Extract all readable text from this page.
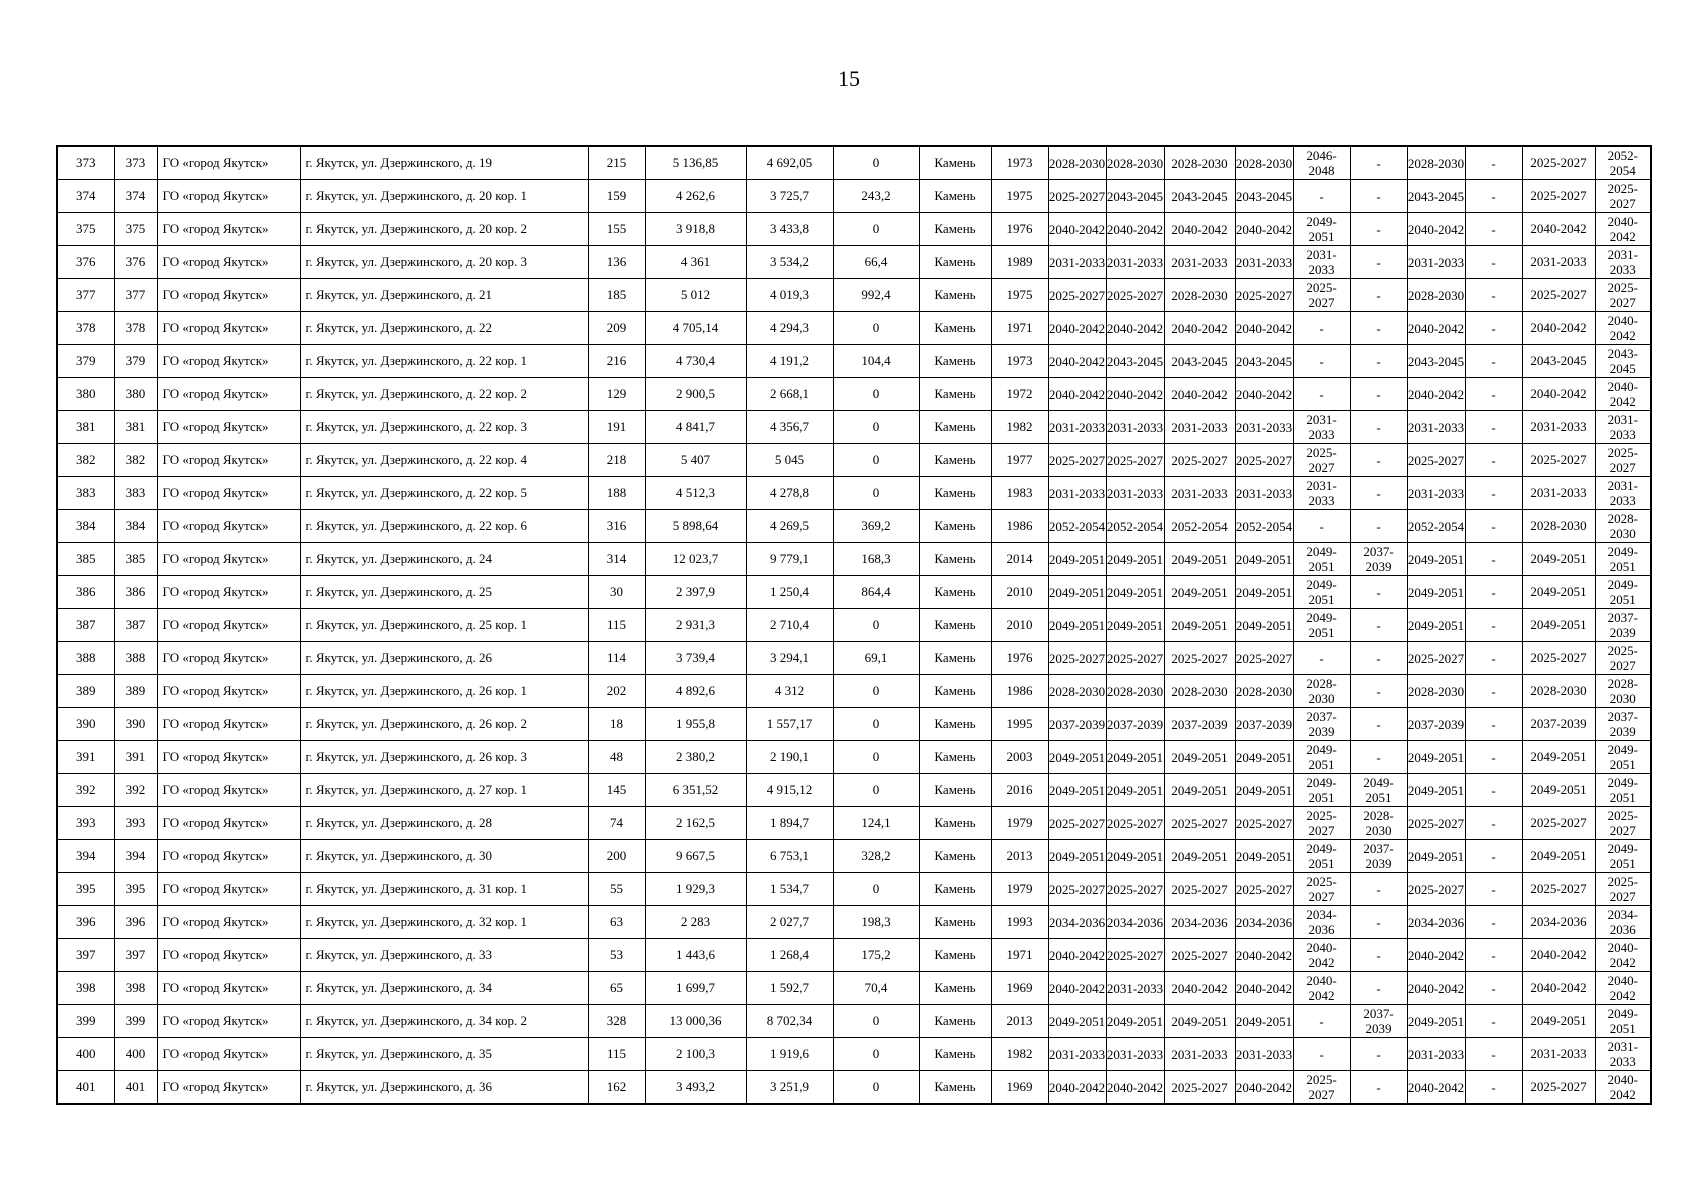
15
373	373	ГО «город Якутск»	г. Якутск, ул. Дзержинского, д. 19	215	5 136,85	4 692,05	0	Камень	1973	2028-2030	2028-2030	2028-2030	2028-2030	2046-2048	-	2028-2030	-	2025-2027	2052-2054
374	374	ГО «город Якутск»	г. Якутск, ул. Дзержинского, д. 20 кор. 1	159	4 262,6	3 725,7	243,2	Камень	1975	2025-2027	2043-2045	2043-2045	2043-2045	-	-	2043-2045	-	2025-2027	2025-2027
375	375	ГО «город Якутск»	г. Якутск, ул. Дзержинского, д. 20 кор. 2	155	3 918,8	3 433,8	0	Камень	1976	2040-2042	2040-2042	2040-2042	2040-2042	2049-2051	-	2040-2042	-	2040-2042	2040-2042
376	376	ГО «город Якутск»	г. Якутск, ул. Дзержинского, д. 20 кор. 3	136	4 361	3 534,2	66,4	Камень	1989	2031-2033	2031-2033	2031-2033	2031-2033	2031-2033	-	2031-2033	-	2031-2033	2031-2033
377	377	ГО «город Якутск»	г. Якутск, ул. Дзержинского, д. 21	185	5 012	4 019,3	992,4	Камень	1975	2025-2027	2025-2027	2028-2030	2025-2027	2025-2027	-	2028-2030	-	2025-2027	2025-2027
378	378	ГО «город Якутск»	г. Якутск, ул. Дзержинского, д. 22	209	4 705,14	4 294,3	0	Камень	1971	2040-2042	2040-2042	2040-2042	2040-2042	-	-	2040-2042	-	2040-2042	2040-2042
379	379	ГО «город Якутск»	г. Якутск, ул. Дзержинского, д. 22 кор. 1	216	4 730,4	4 191,2	104,4	Камень	1973	2040-2042	2043-2045	2043-2045	2043-2045	-	-	2043-2045	-	2043-2045	2043-2045
380	380	ГО «город Якутск»	г. Якутск, ул. Дзержинского, д. 22 кор. 2	129	2 900,5	2 668,1	0	Камень	1972	2040-2042	2040-2042	2040-2042	2040-2042	-	-	2040-2042	-	2040-2042	2040-2042
381	381	ГО «город Якутск»	г. Якутск, ул. Дзержинского, д. 22 кор. 3	191	4 841,7	4 356,7	0	Камень	1982	2031-2033	2031-2033	2031-2033	2031-2033	2031-2033	-	2031-2033	-	2031-2033	2031-2033
382	382	ГО «город Якутск»	г. Якутск, ул. Дзержинского, д. 22 кор. 4	218	5 407	5 045	0	Камень	1977	2025-2027	2025-2027	2025-2027	2025-2027	2025-2027	-	2025-2027	-	2025-2027	2025-2027
383	383	ГО «город Якутск»	г. Якутск, ул. Дзержинского, д. 22 кор. 5	188	4 512,3	4 278,8	0	Камень	1983	2031-2033	2031-2033	2031-2033	2031-2033	2031-2033	-	2031-2033	-	2031-2033	2031-2033
384	384	ГО «город Якутск»	г. Якутск, ул. Дзержинского, д. 22 кор. 6	316	5 898,64	4 269,5	369,2	Камень	1986	2052-2054	2052-2054	2052-2054	2052-2054	-	-	2052-2054	-	2028-2030	2028-2030
385	385	ГО «город Якутск»	г. Якутск, ул. Дзержинского, д. 24	314	12 023,7	9 779,1	168,3	Камень	2014	2049-2051	2049-2051	2049-2051	2049-2051	2049-2051	2037-2039	2049-2051	-	2049-2051	2049-2051
386	386	ГО «город Якутск»	г. Якутск, ул. Дзержинского, д. 25	30	2 397,9	1 250,4	864,4	Камень	2010	2049-2051	2049-2051	2049-2051	2049-2051	2049-2051	-	2049-2051	-	2049-2051	2049-2051
387	387	ГО «город Якутск»	г. Якутск, ул. Дзержинского, д. 25 кор. 1	115	2 931,3	2 710,4	0	Камень	2010	2049-2051	2049-2051	2049-2051	2049-2051	2049-2051	-	2049-2051	-	2049-2051	2037-2039
388	388	ГО «город Якутск»	г. Якутск, ул. Дзержинского, д. 26	114	3 739,4	3 294,1	69,1	Камень	1976	2025-2027	2025-2027	2025-2027	2025-2027	-	-	2025-2027	-	2025-2027	2025-2027
389	389	ГО «город Якутск»	г. Якутск, ул. Дзержинского, д. 26 кор. 1	202	4 892,6	4 312	0	Камень	1986	2028-2030	2028-2030	2028-2030	2028-2030	2028-2030	-	2028-2030	-	2028-2030	2028-2030
390	390	ГО «город Якутск»	г. Якутск, ул. Дзержинского, д. 26 кор. 2	18	1 955,8	1 557,17	0	Камень	1995	2037-2039	2037-2039	2037-2039	2037-2039	2037-2039	-	2037-2039	-	2037-2039	2037-2039
391	391	ГО «город Якутск»	г. Якутск, ул. Дзержинского, д. 26 кор. 3	48	2 380,2	2 190,1	0	Камень	2003	2049-2051	2049-2051	2049-2051	2049-2051	2049-2051	-	2049-2051	-	2049-2051	2049-2051
392	392	ГО «город Якутск»	г. Якутск, ул. Дзержинского, д. 27 кор. 1	145	6 351,52	4 915,12	0	Камень	2016	2049-2051	2049-2051	2049-2051	2049-2051	2049-2051	2049-2051	2049-2051	-	2049-2051	2049-2051
393	393	ГО «город Якутск»	г. Якутск, ул. Дзержинского, д. 28	74	2 162,5	1 894,7	124,1	Камень	1979	2025-2027	2025-2027	2025-2027	2025-2027	2025-2027	2028-2030	2025-2027	-	2025-2027	2025-2027
394	394	ГО «город Якутск»	г. Якутск, ул. Дзержинского, д. 30	200	9 667,5	6 753,1	328,2	Камень	2013	2049-2051	2049-2051	2049-2051	2049-2051	2049-2051	2037-2039	2049-2051	-	2049-2051	2049-2051
395	395	ГО «город Якутск»	г. Якутск, ул. Дзержинского, д. 31 кор. 1	55	1 929,3	1 534,7	0	Камень	1979	2025-2027	2025-2027	2025-2027	2025-2027	2025-2027	-	2025-2027	-	2025-2027	2025-2027
396	396	ГО «город Якутск»	г. Якутск, ул. Дзержинского, д. 32 кор. 1	63	2 283	2 027,7	198,3	Камень	1993	2034-2036	2034-2036	2034-2036	2034-2036	2034-2036	-	2034-2036	-	2034-2036	2034-2036
397	397	ГО «город Якутск»	г. Якутск, ул. Дзержинского, д. 33	53	1 443,6	1 268,4	175,2	Камень	1971	2040-2042	2025-2027	2025-2027	2040-2042	2040-2042	-	2040-2042	-	2040-2042	2040-2042
398	398	ГО «город Якутск»	г. Якутск, ул. Дзержинского, д. 34	65	1 699,7	1 592,7	70,4	Камень	1969	2040-2042	2031-2033	2040-2042	2040-2042	2040-2042	-	2040-2042	-	2040-2042	2040-2042
399	399	ГО «город Якутск»	г. Якутск, ул. Дзержинского, д. 34 кор. 2	328	13 000,36	8 702,34	0	Камень	2013	2049-2051	2049-2051	2049-2051	2049-2051	-	2037-2039	2049-2051	-	2049-2051	2049-2051
400	400	ГО «город Якутск»	г. Якутск, ул. Дзержинского, д. 35	115	2 100,3	1 919,6	0	Камень	1982	2031-2033	2031-2033	2031-2033	2031-2033	-	-	2031-2033	-	2031-2033	2031-2033
401	401	ГО «город Якутск»	г. Якутск, ул. Дзержинского, д. 36	162	3 493,2	3 251,9	0	Камень	1969	2040-2042	2040-2042	2025-2027	2040-2042	2025-2027	-	2040-2042	-	2025-2027	2040-2042
